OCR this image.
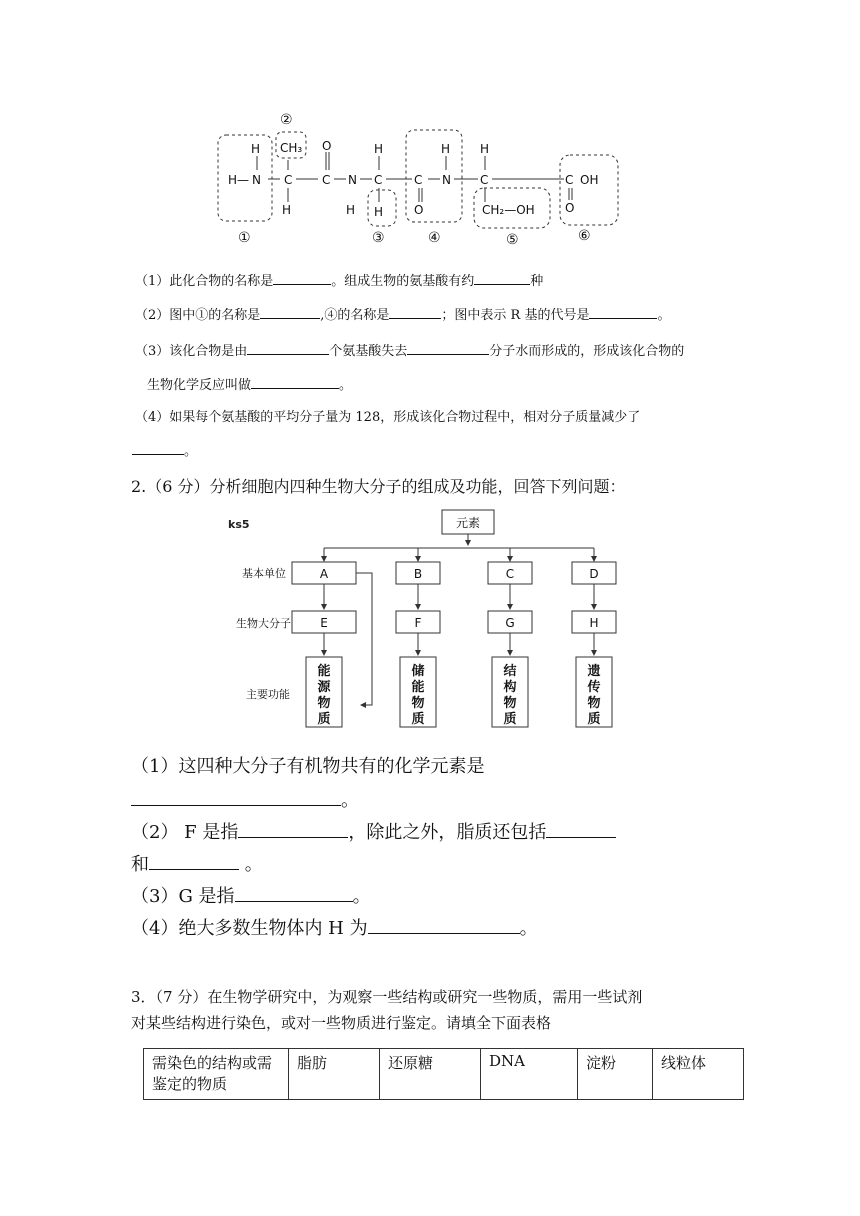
H
H— N
CH₃
C
H
O
C N
H
H
C
H
C
O
H
N
H
C
CH₂—OH
C OH
O
②
①	③	④	⑤	⑥
（1）此化合物的名称是	。组成生物的氨基酸有约	种
（2）图中①的名称是	,④的名称是	；图中表示 R 基的代号是	。
（3）该化合物是由	个氨基酸失去	分子水而形成的，形成该化合物的
生物化学反应叫做	。
（4）如果每个氨基酸的平均分子量为 128，形成该化合物过程中，相对分子质量减少了
。
2.（6 分）分析细胞内四种生物大分子的组成及功能，回答下列问题：
ks5	元素
基本单位
生物大分子
主要功能
A	B	C	D
E	F	G	H
能
源
物
质
储
能
物
质
结
构
物
质
遗
传
物
质
（1）这四种大分子有机物共有的化学元素是
。
（2） F 是指	，除此之外，脂质还包括
和	。
（3）G 是指	。
（4）绝大多数生物体内 H 为	。
3．（7 分）在生物学研究中，为观察一些结构或研究一些物质，需用一些试剂
对某些结构进行染色，或对一些物质进行鉴定。请填全下面表格
需染色的结构或需鉴定的物质	脂肪	还原糖	DNA	淀粉	线粒体
